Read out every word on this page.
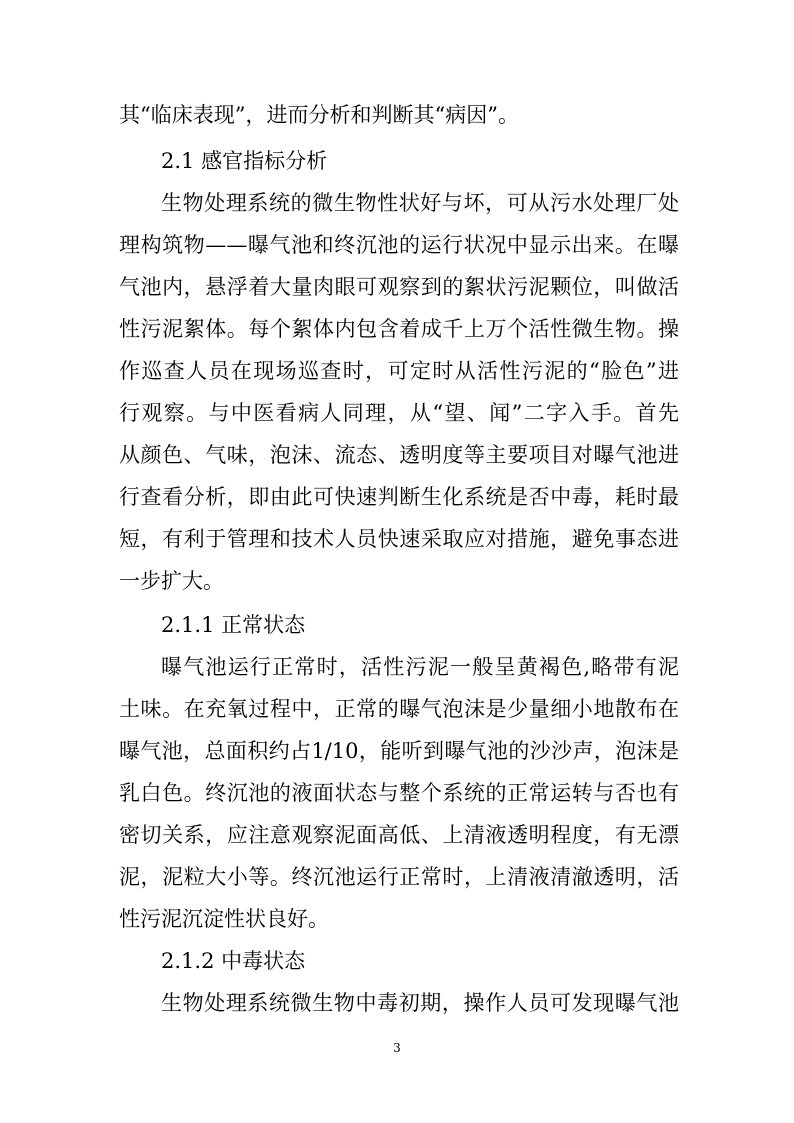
其“临床表现”，进而分析和判断其“病因”。
2.1 感官指标分析
生物处理系统的微生物性状好与坏，可从污水处理厂处
理构筑物——曝气池和终沉池的运行状况中显示出来。在曝
气池内，悬浮着大量肉眼可观察到的絮状污泥颗位，叫做活
性污泥絮体。每个絮体内包含着成千上万个活性微生物。操
作巡查人员在现场巡查时，可定时从活性污泥的“脸色”进
行观察。与中医看病人同理，从“望、闻”二字入手。首先
从颜色、气味，泡沫、流态、透明度等主要项目对曝气池进
行查看分析，即由此可快速判断生化系统是否中毒，耗时最
短，有利于管理和技术人员快速采取应对措施，避免事态进
一步扩大。
2.1.1 正常状态
曝气池运行正常时，活性污泥一般呈黄褐色,略带有泥
土味。在充氧过程中，正常的曝气泡沫是少量细小地散布在
曝气池，总面积约占1/10，能听到曝气池的沙沙声，泡沫是
乳白色。终沉池的液面状态与整个系统的正常运转与否也有
密切关系，应注意观察泥面高低、上清液透明程度，有无漂
泥，泥粒大小等。终沉池运行正常时，上清液清澈透明，活
性污泥沉淀性状良好。
2.1.2 中毒状态
生物处理系统微生物中毒初期，操作人员可发现曝气池
3
